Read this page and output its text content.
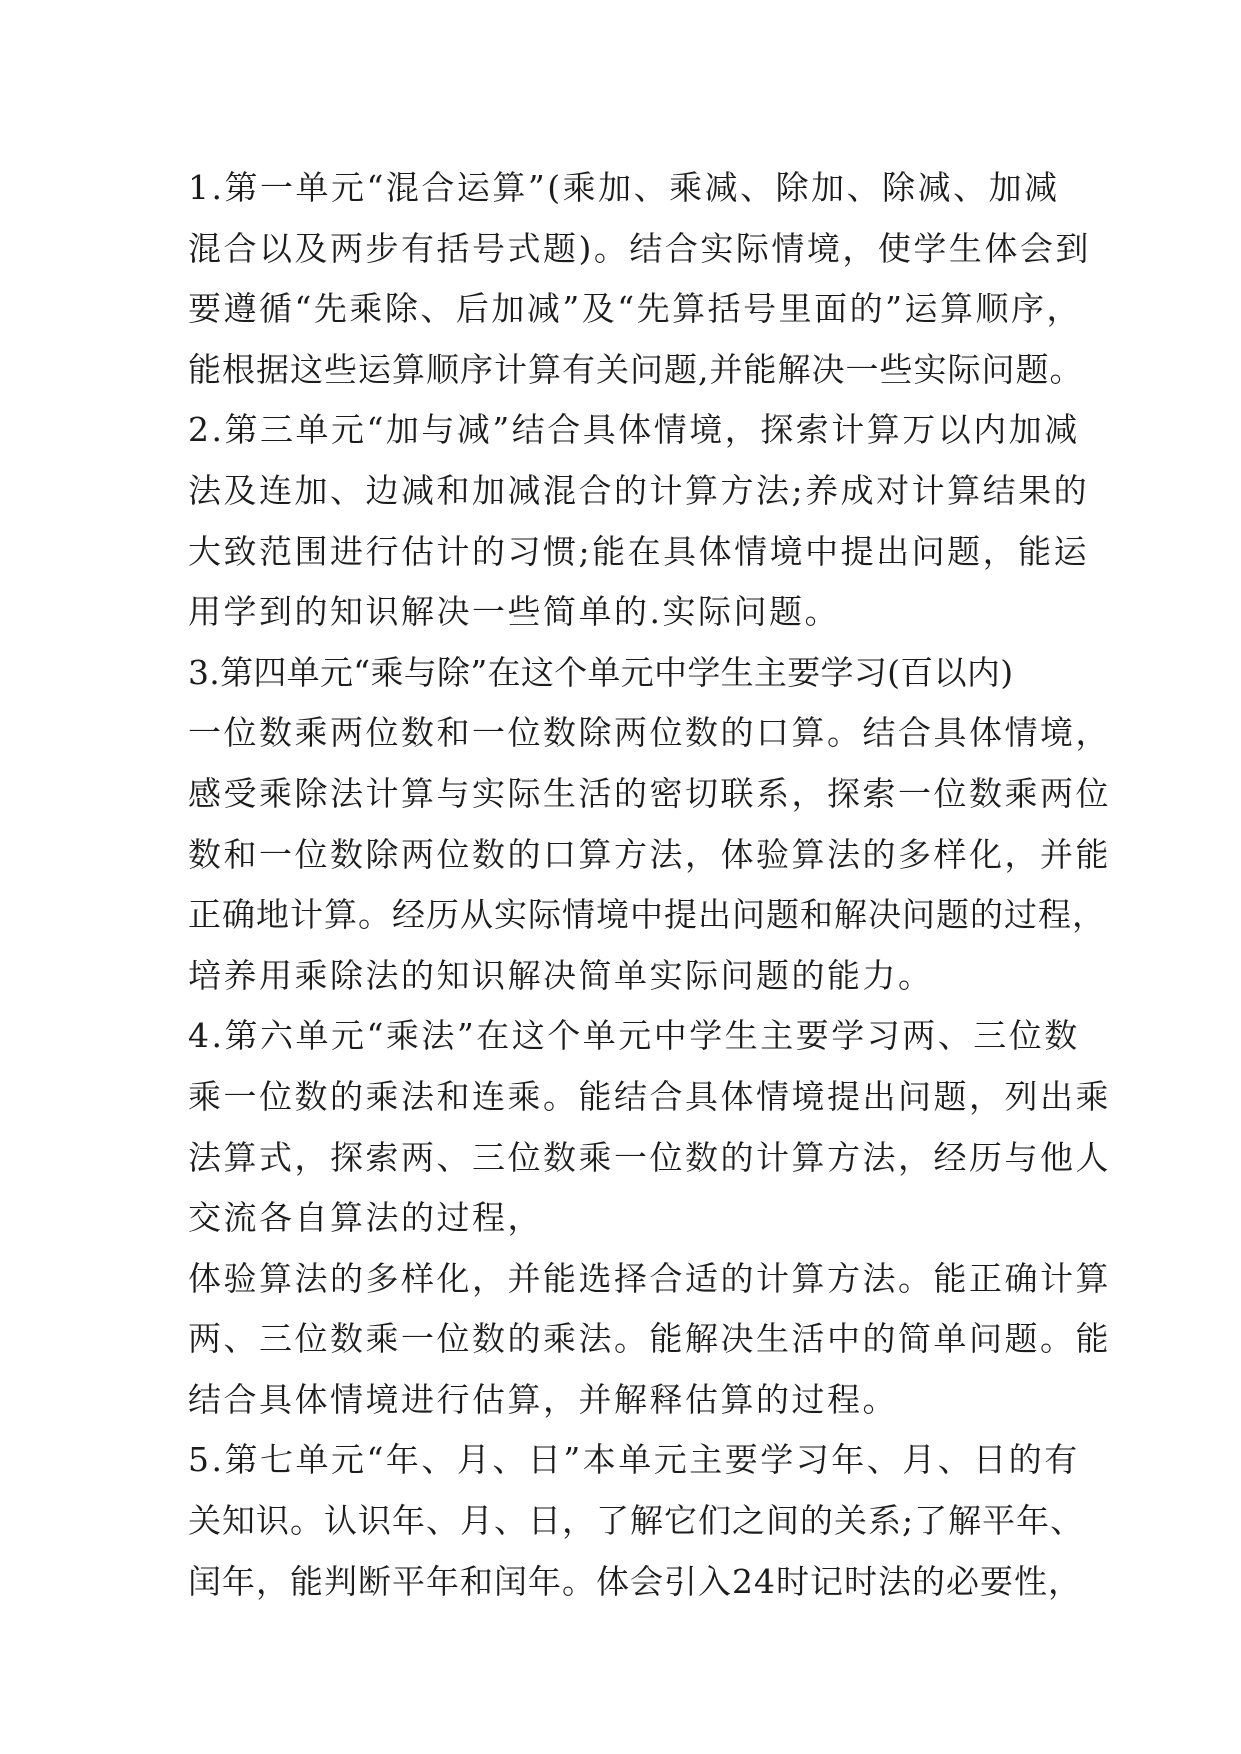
1.第一单元“混合运算”(乘加、乘减、除加、除减、加减
混合以及两步有括号式题)。结合实际情境，使学生体会到
要遵循“先乘除、后加减”及“先算括号里面的”运算顺序，
能根据这些运算顺序计算有关问题,并能解决一些实际问题。
2.第三单元“加与减”结合具体情境，探索计算万以内加减
法及连加、边减和加减混合的计算方法;养成对计算结果的
大致范围进行估计的习惯;能在具体情境中提出问题，能运
用学到的知识解决一些简单的.实际问题。
3.第四单元“乘与除”在这个单元中学生主要学习(百以内)
一位数乘两位数和一位数除两位数的口算。结合具体情境，
感受乘除法计算与实际生活的密切联系，探索一位数乘两位
数和一位数除两位数的口算方法，体验算法的多样化，并能
正确地计算。经历从实际情境中提出问题和解决问题的过程，
培养用乘除法的知识解决简单实际问题的能力。
4.第六单元“乘法”在这个单元中学生主要学习两、三位数
乘一位数的乘法和连乘。能结合具体情境提出问题，列出乘
法算式，探索两、三位数乘一位数的计算方法，经历与他人
交流各自算法的过程，
体验算法的多样化，并能选择合适的计算方法。能正确计算
两、三位数乘一位数的乘法。能解决生活中的简单问题。能
结合具体情境进行估算，并解释估算的过程。
5.第七单元“年、月、日”本单元主要学习年、月、日的有
关知识。认识年、月、日，了解它们之间的关系;了解平年、
闰年，能判断平年和闰年。体会引入24时记时法的必要性，
